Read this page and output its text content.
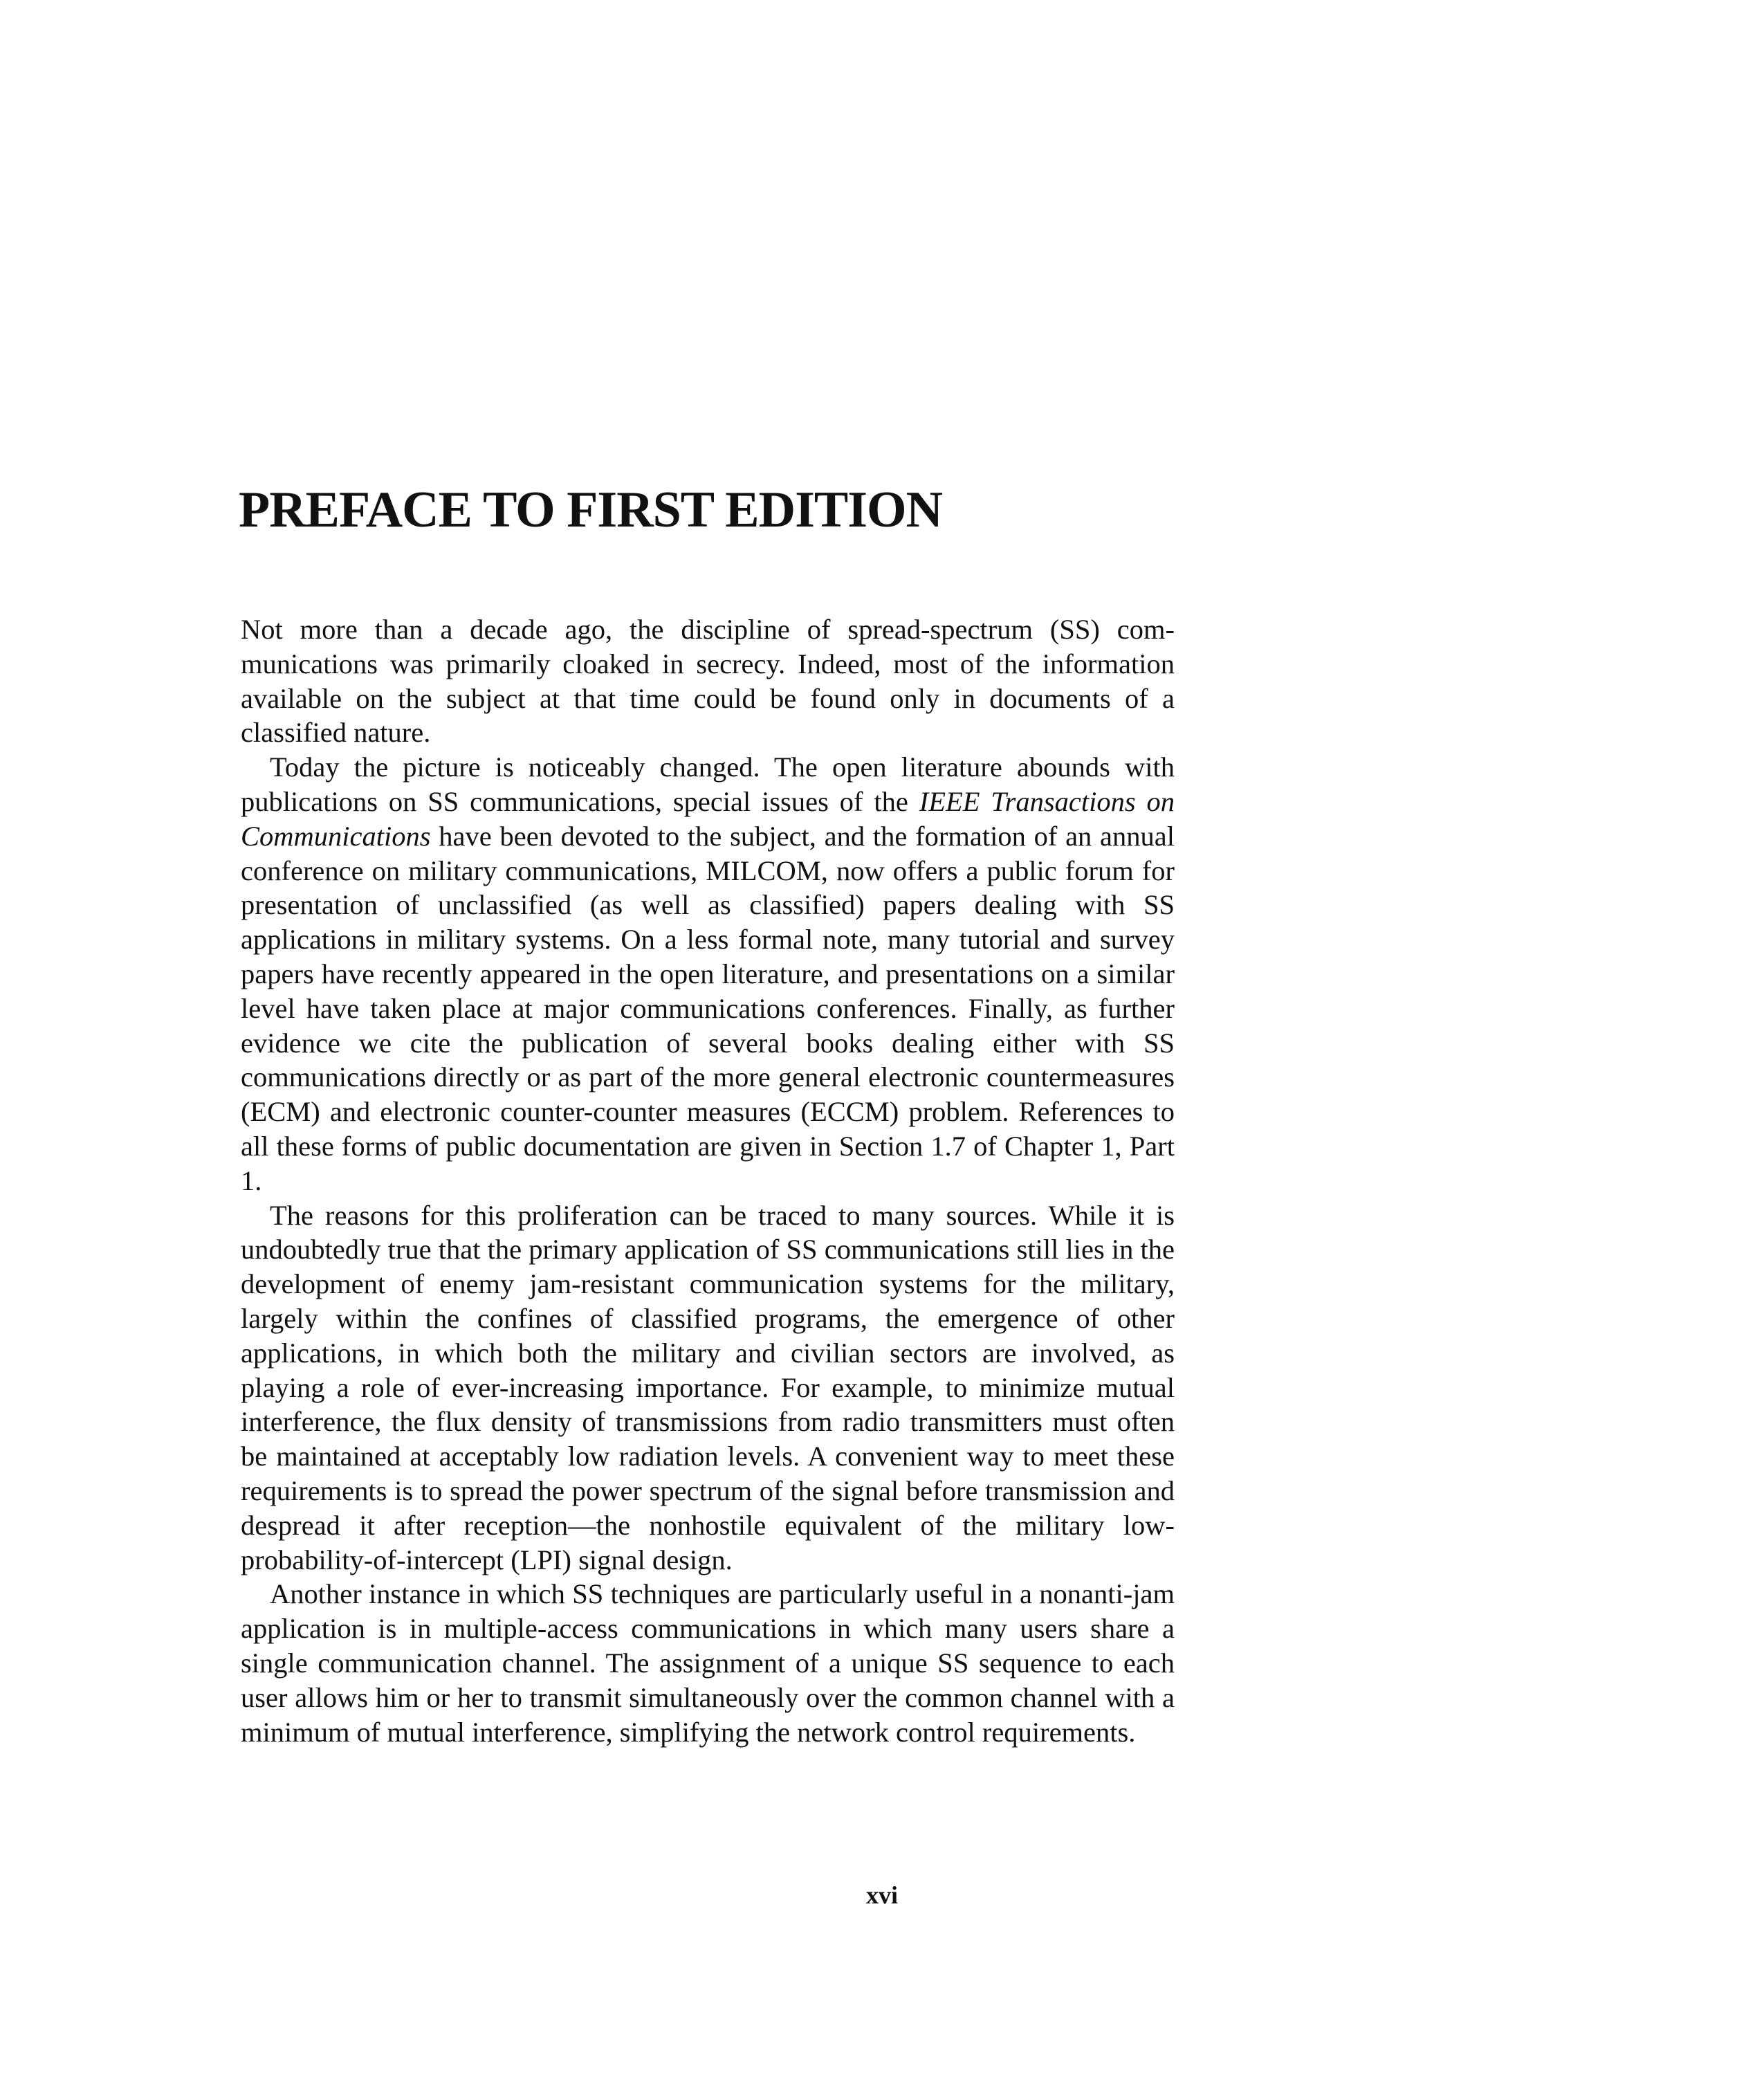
PREFACE TO FIRST EDITION

Not more than a decade ago, the discipline of spread-spectrum (SS) communications was primarily cloaked in secrecy. Indeed, most of the information available on the subject at that time could be found only in documents of a classified nature.

Today the picture is noticeably changed. The open literature abounds with publications on SS communications, special issues of the IEEE Transactions on Communications have been devoted to the subject, and the formation of an annual conference on military communications, MILCOM, now offers a public forum for presentation of unclassified (as well as classified) papers dealing with SS applications in military systems. On a less formal note, many tutorial and survey papers have recently appeared in the open literature, and presentations on a similar level have taken place at major communications conferences. Finally, as further evidence we cite the publication of several books dealing either with SS communications directly or as part of the more general electronic countermeasures (ECM) and electronic counter-counter measures (ECCM) problem. References to all these forms of public documentation are given in Section 1.7 of Chapter 1, Part 1.

The reasons for this proliferation can be traced to many sources. While it is undoubtedly true that the primary application of SS communications still lies in the development of enemy jam-resistant communication systems for the military, largely within the confines of classified programs, the emergence of other applications, in which both the military and civilian sectors are involved, as playing a role of ever-increasing importance. For example, to minimize mutual interference, the flux density of transmissions from radio transmitters must often be maintained at acceptably low radiation levels. A convenient way to meet these requirements is to spread the power spectrum of the signal before transmission and despread it after reception—the nonhostile equivalent of the military low-probability-of-intercept (LPI) signal design.

Another instance in which SS techniques are particularly useful in a nonanti-jam application is in multiple-access communications in which many users share a single communication channel. The assignment of a unique SS sequence to each user allows him or her to transmit simultaneously over the common channel with a minimum of mutual interference, simplifying the network control requirements.

xvi
